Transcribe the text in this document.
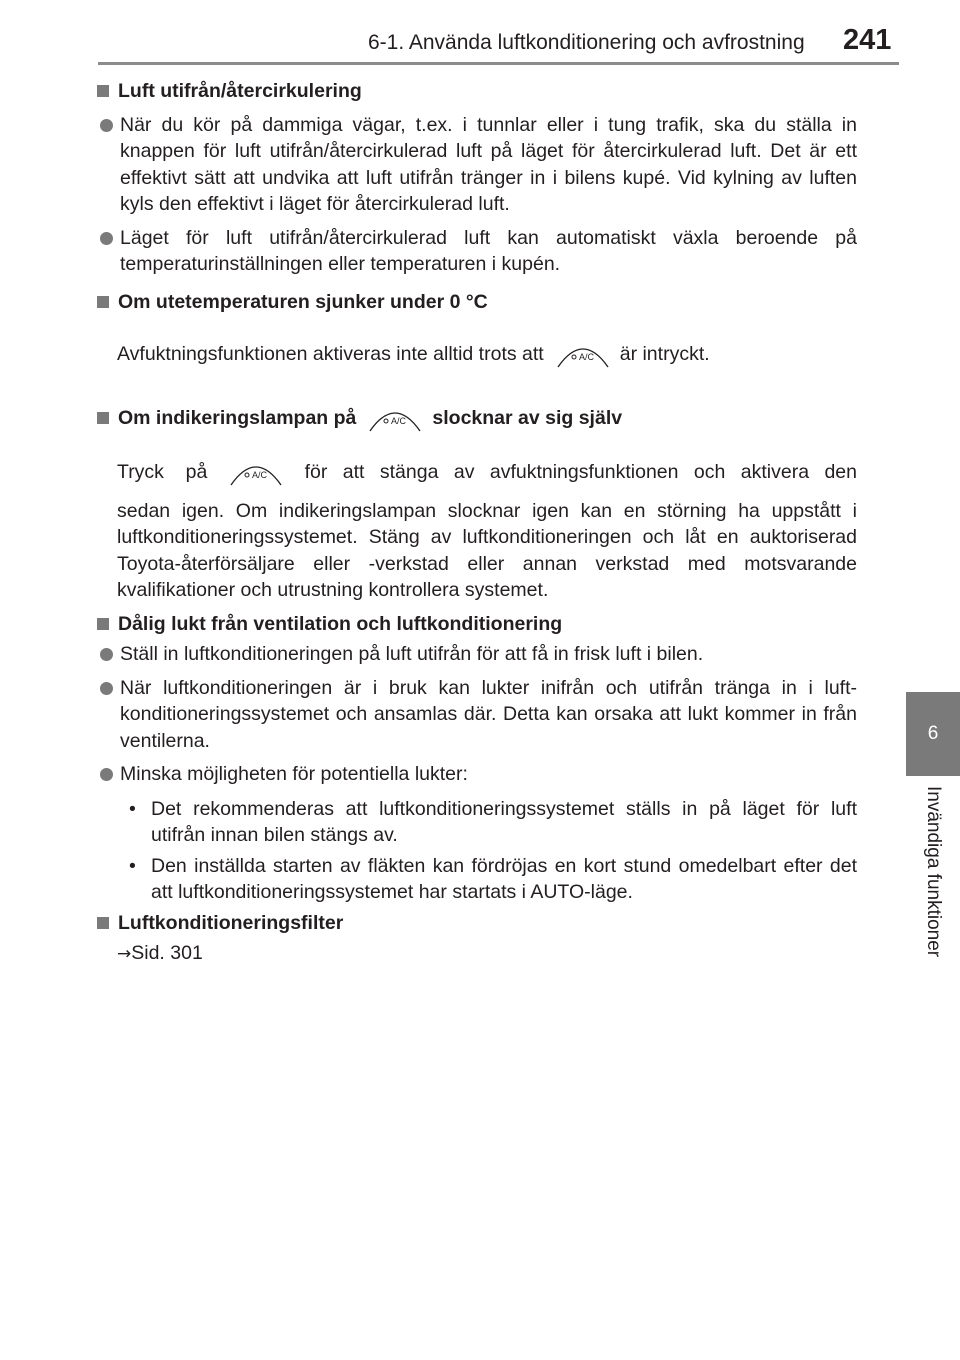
6-1. Använda luftkonditionering och avfrostning 241
6
Invändiga funktioner
Luft utifrån/återcirkulering
När du kör på dammiga vägar, t.ex. i tunnlar eller i tung trafik, ska du ställa in knappen för luft utifrån/återcirkulerad luft på läget för återcirkulerad luft. Det är ett effektivt sätt att undvika att luft utifrån tränger in i bilens kupé. Vid kylning av luften kyls den effektivt i läget för återcirkulerad luft.
Läget för luft utifrån/återcirkulerad luft kan automatiskt växla beroende på temperaturinställningen eller temperaturen i kupén.
Om utetemperaturen sjunker under 0 °C
Avfuktningsfunktionen aktiveras inte alltid trots att	A/C är intryckt.
Om indikeringslampan på	A/C slocknar av sig själv
Tryck på	A/C för att stänga av avfuktningsfunktionen och aktivera den
sedan igen. Om indikeringslampan slocknar igen kan en störning ha uppstått i luftkonditioneringssystemet. Stäng av luftkonditioneringen och låt en auktoriserad Toyota-återförsäljare eller -verkstad eller annan verkstad med motsvarande kvalifikationer och utrustning kontrollera systemet.
Dålig lukt från ventilation och luftkonditionering
Ställ in luftkonditioneringen på luft utifrån för att få in frisk luft i bilen.
När luftkonditioneringen är i bruk kan lukter inifrån och utifrån tränga in i luftkonditioneringssystemet och ansamlas där. Detta kan orsaka att lukt kommer in från ventilerna.
Minska möjligheten för potentiella lukter:
• Det rekommenderas att luftkonditioneringssystemet ställs in på läget för luft utifrån innan bilen stängs av.
• Den inställda starten av fläkten kan fördröjas en kort stund omedelbart efter det att luftkonditioneringssystemet har startats i AUTO-läge.
Luftkonditioneringsfilter
→Sid. 301
